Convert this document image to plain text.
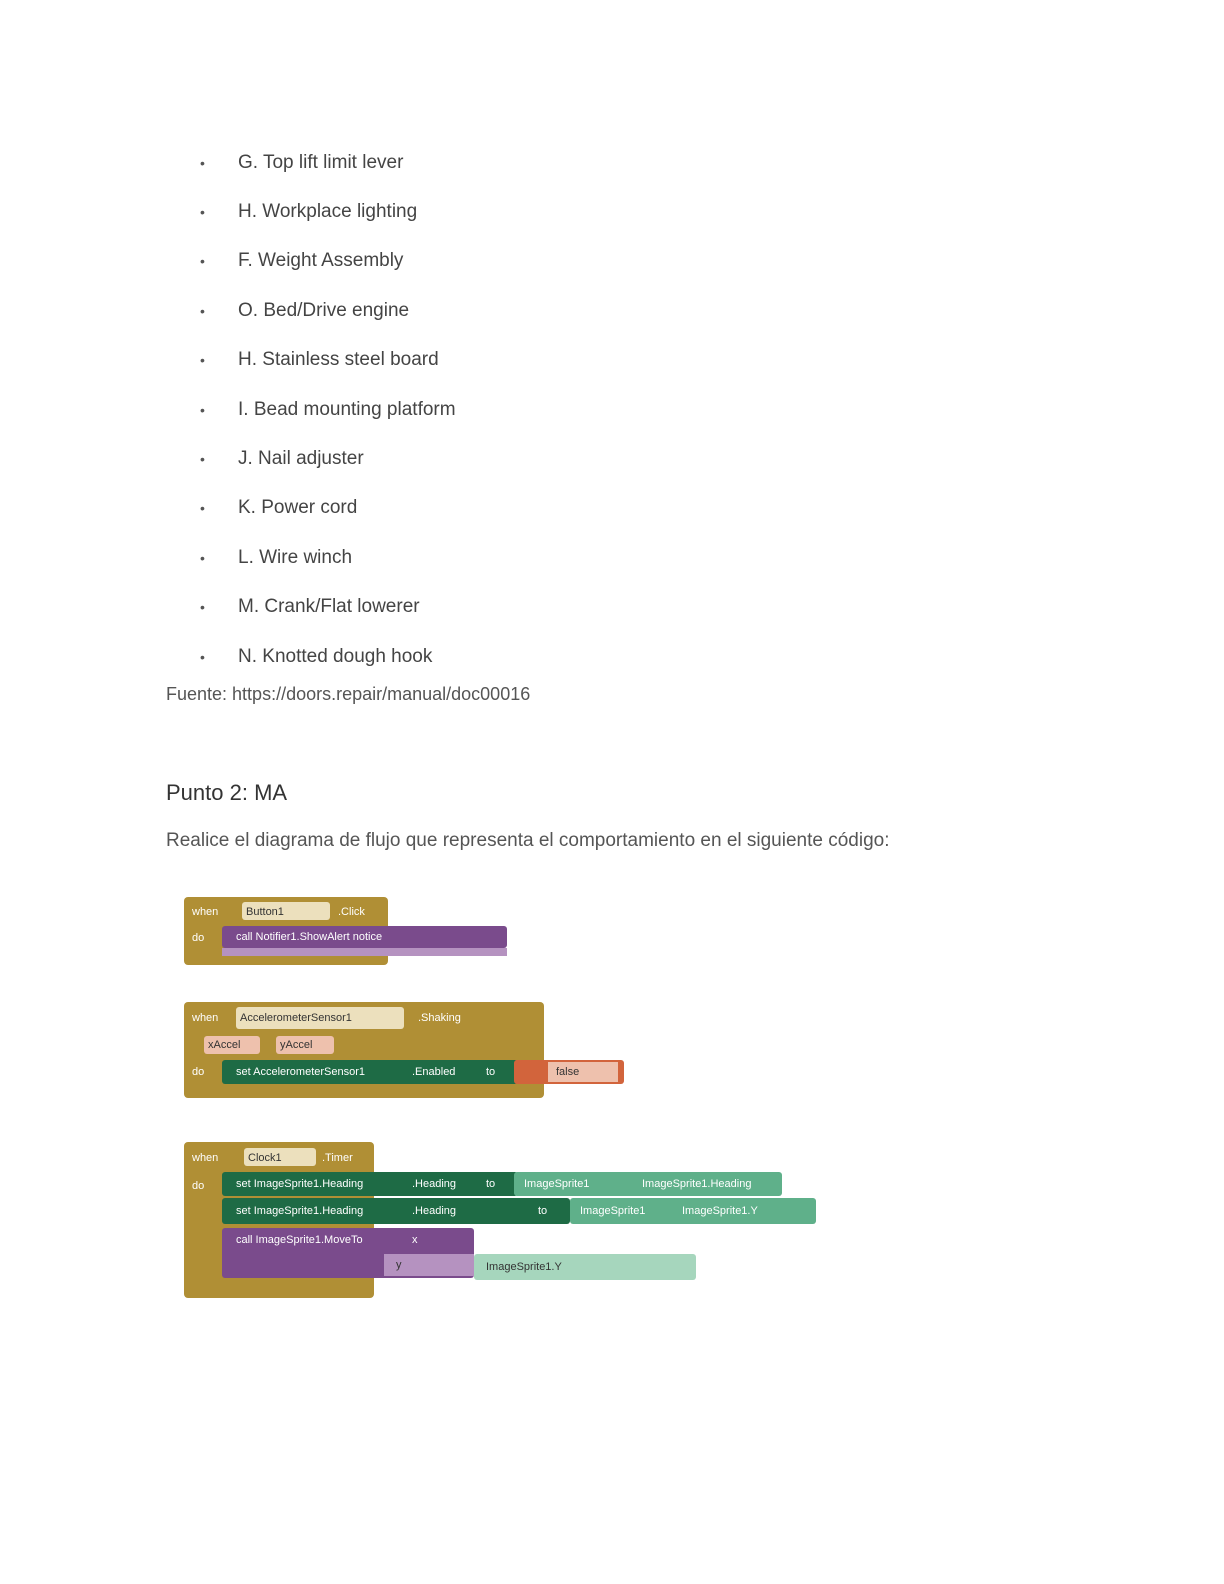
•	G. Top lift limit lever
•	H. Workplace lighting
•	F. Weight Assembly
•	O. Bed/Drive engine
•	H. Stainless steel board
•	I. Bead mounting platform
•	J. Nail adjuster
•	K. Power cord
•	L. Wire winch
•	M. Crank/Flat lowerer
•	N. Knotted dough hook
Fuente: https://doors.repair/manual/doc00016
Punto 2: MA
Realice el diagrama de flujo que representa el comportamiento en el siguiente código:
when	Button1	.Click
do	call Notifier1.ShowAlert notice
when AccelerometerSensor1	.Shaking
xAccel	yAccel
do	set AccelerometerSensor1	.Enabled	to	false
when	Clock1	.Timer
do	set ImageSprite1.Heading	.Heading	to	ImageSprite1	ImageSprite1.Heading
set ImageSprite1.Heading	.Heading	to	ImageSprite1	ImageSprite1.Y
call ImageSprite1.MoveTo	x
y	ImageSprite1.Y
